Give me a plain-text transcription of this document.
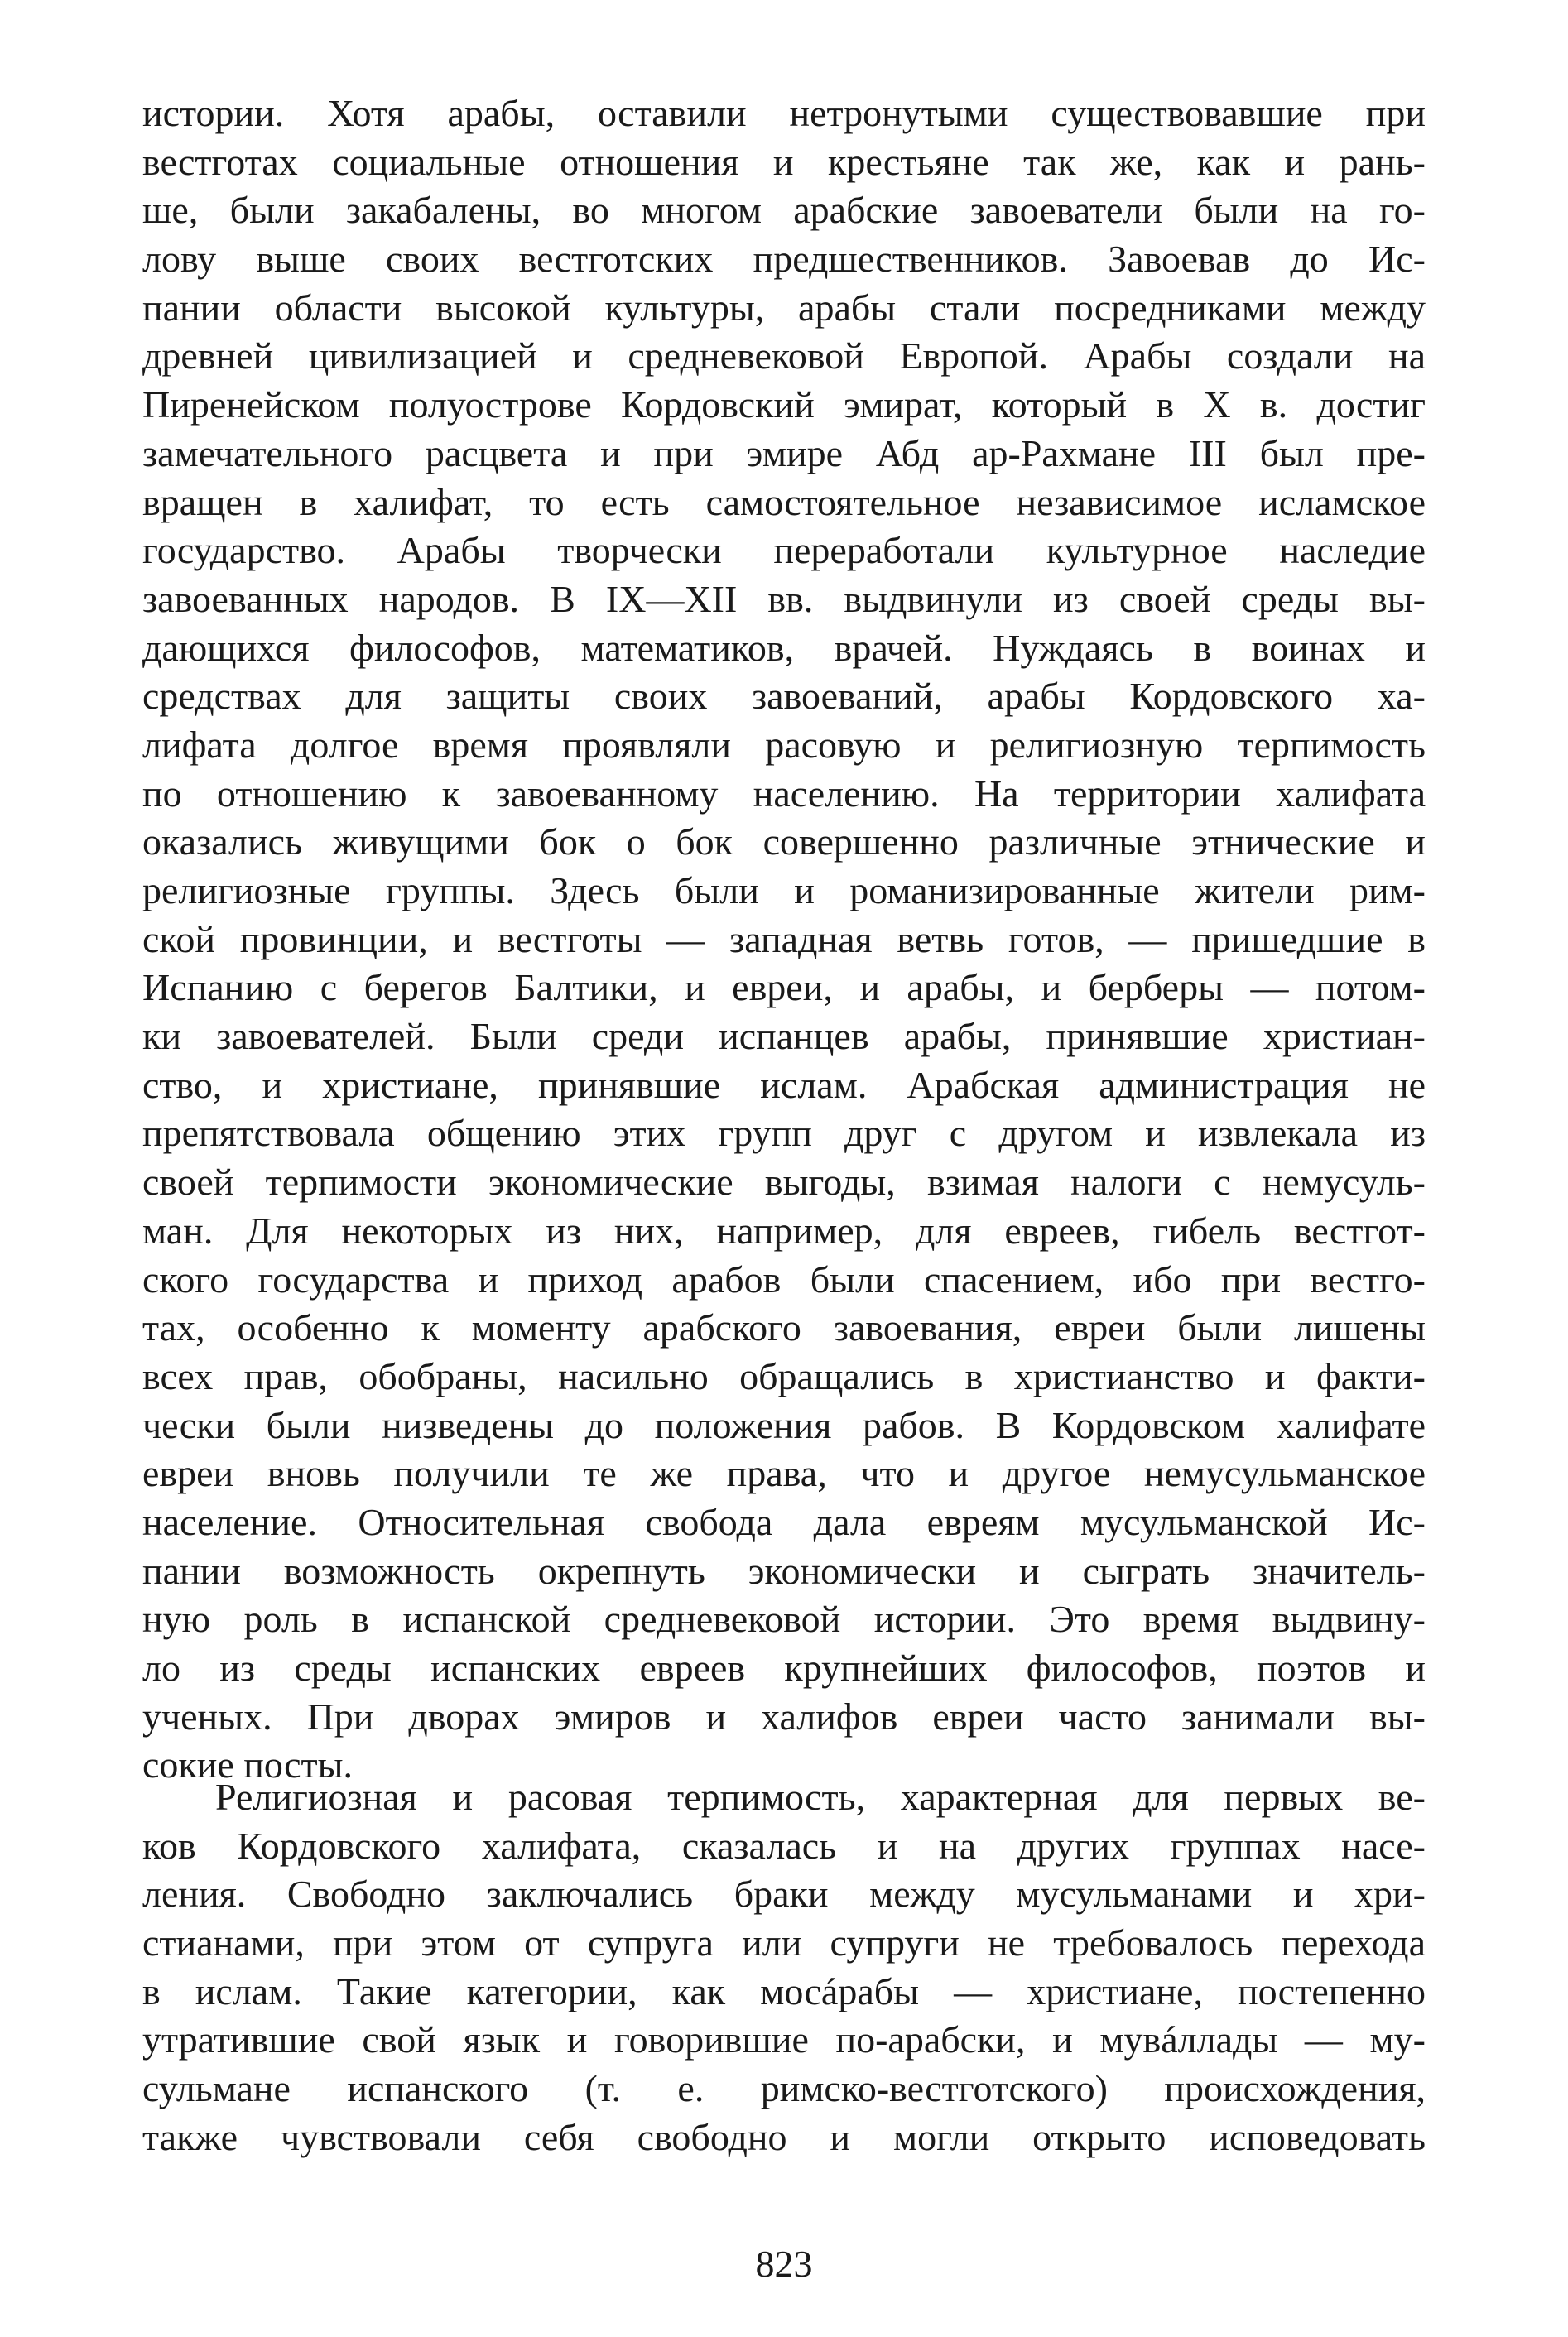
истории. Хотя арабы, оставили нетронутыми существовавшие при
вестготах социальные отношения и крестьяне так же, как и рань-
ше, были закабалены, во многом арабские завоеватели были на го-
лову выше своих вестготских предшественников. Завоевав до Ис-
пании области высокой культуры, арабы стали посредниками между
древней цивилизацией и средневековой Европой. Арабы создали на
Пиренейском полуострове Кордовский эмират, который в X в. достиг
замечательного расцвета и при эмире Абд ар-Рахмане III был пре-
вращен в халифат, то есть самостоятельное независимое исламское
государство. Арабы творчески переработали культурное наследие
завоеванных народов. В IX—XII вв. выдвинули из своей среды вы-
дающихся философов, математиков, врачей. Нуждаясь в воинах и
средствах для защиты своих завоеваний, арабы Кордовского ха-
лифата долгое время проявляли расовую и религиозную терпимость
по отношению к завоеванному населению. На территории халифата
оказались живущими бок о бок совершенно различные этнические и
религиозные группы. Здесь были и романизированные жители рим-
ской провинции, и вестготы — западная ветвь готов, — пришедшие в
Испанию с берегов Балтики, и евреи, и арабы, и берберы — потом-
ки завоевателей. Были среди испанцев арабы, принявшие христиан-
ство, и христиане, принявшие ислам. Арабская администрация не
препятствовала общению этих групп друг с другом и извлекала из
своей терпимости экономические выгоды, взимая налоги с немусуль-
ман. Для некоторых из них, например, для евреев, гибель вестгот-
ского государства и приход арабов были спасением, ибо при вестго-
тах, особенно к моменту арабского завоевания, евреи были лишены
всех прав, обобраны, насильно обращались в христианство и факти-
чески были низведены до положения рабов. В Кордовском халифате
евреи вновь получили те же права, что и другое немусульманское
население. Относительная свобода дала евреям мусульманской Ис-
пании возможность окрепнуть экономически и сыграть значитель-
ную роль в испанской средневековой истории. Это время выдвину-
ло из среды испанских евреев крупнейших философов, поэтов и
ученых. При дворах эмиров и халифов евреи часто занимали вы-
сокие посты.
Религиозная и расовая терпимость, характерная для первых ве-
ков Кордовского халифата, сказалась и на других группах насе-
ления. Свободно заключались браки между мусульманами и хри-
стианами, при этом от супруга или супруги не требовалось перехода
в ислам. Такие категории, как мосáрабы — христиане, постепенно
утратившие свой язык и говорившие по-арабски, и мувáллады — му-
сульмане испанского (т. е. римско-вестготского) происхождения,
также чувствовали себя свободно и могли открыто исповедовать
823
